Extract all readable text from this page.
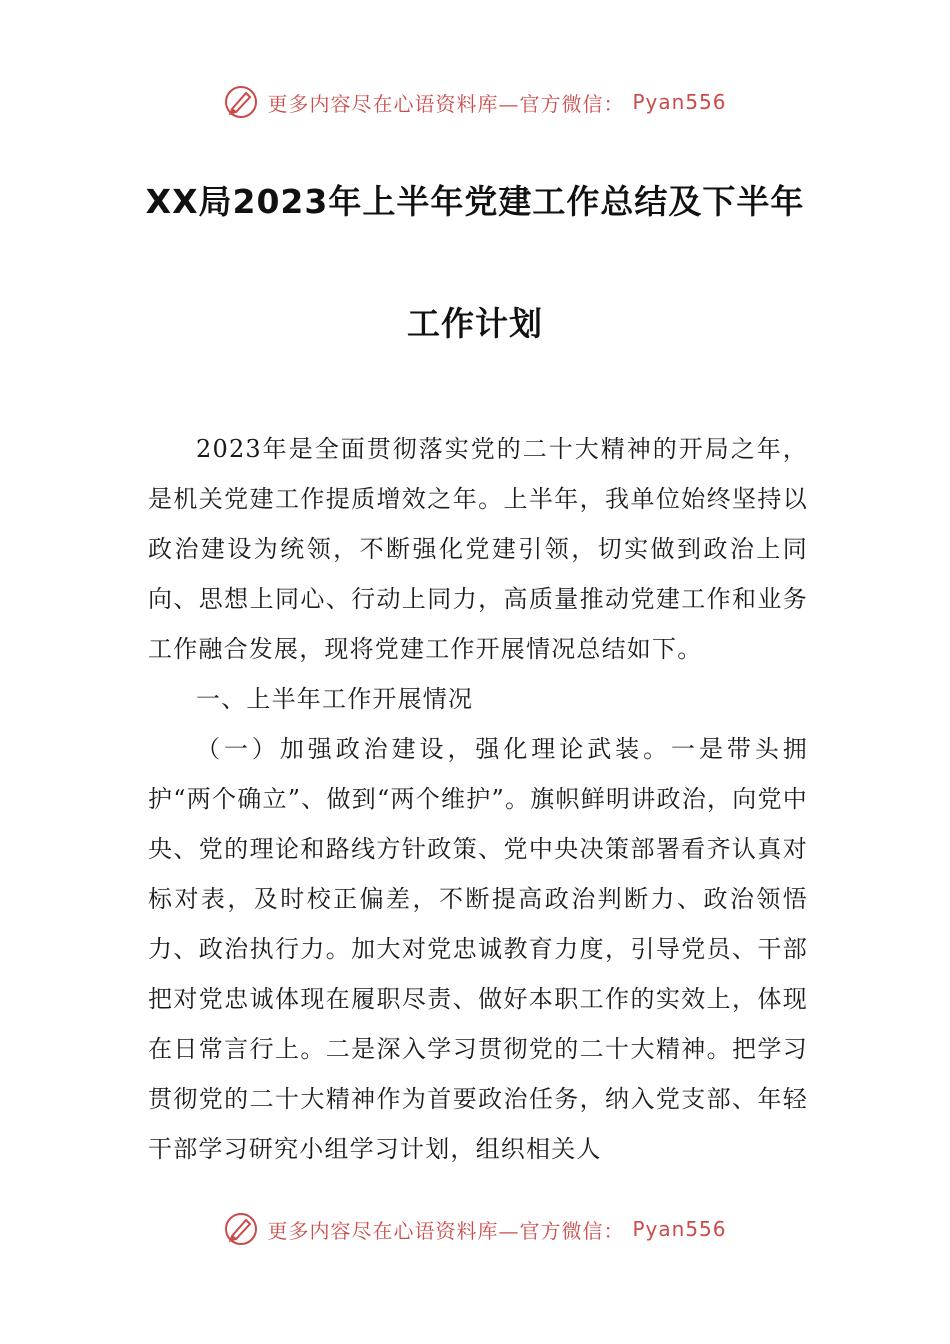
更多内容尽在心语资料库—官方微信： Pyan556
XX局2023年上半年党建工作总结及下半年
工作计划

2023年是全面贯彻落实党的二十大精神的开局之年，是机关党建工作提质增效之年。上半年，我单位始终坚持以政治建设为统领，不断强化党建引领，切实做到政治上同向、思想上同心、行动上同力，高质量推动党建工作和业务工作融合发展，现将党建工作开展情况总结如下。

一、上半年工作开展情况

（一）加强政治建设，强化理论武装。一是带头拥护“两个确立”、做到“两个维护”。旗帜鲜明讲政治，向党中央、党的理论和路线方针政策、党中央决策部署看齐认真对标对表，及时校正偏差，不断提高政治判断力、政治领悟力、政治执行力。加大对党忠诚教育力度，引导党员、干部把对党忠诚体现在履职尽责、做好本职工作的实效上，体现在日常言行上。二是深入学习贯彻党的二十大精神。把学习贯彻党的二十大精神作为首要政治任务，纳入党支部、年轻干部学习研究小组学习计划，组织相关人

更多内容尽在心语资料库—官方微信： Pyan556
